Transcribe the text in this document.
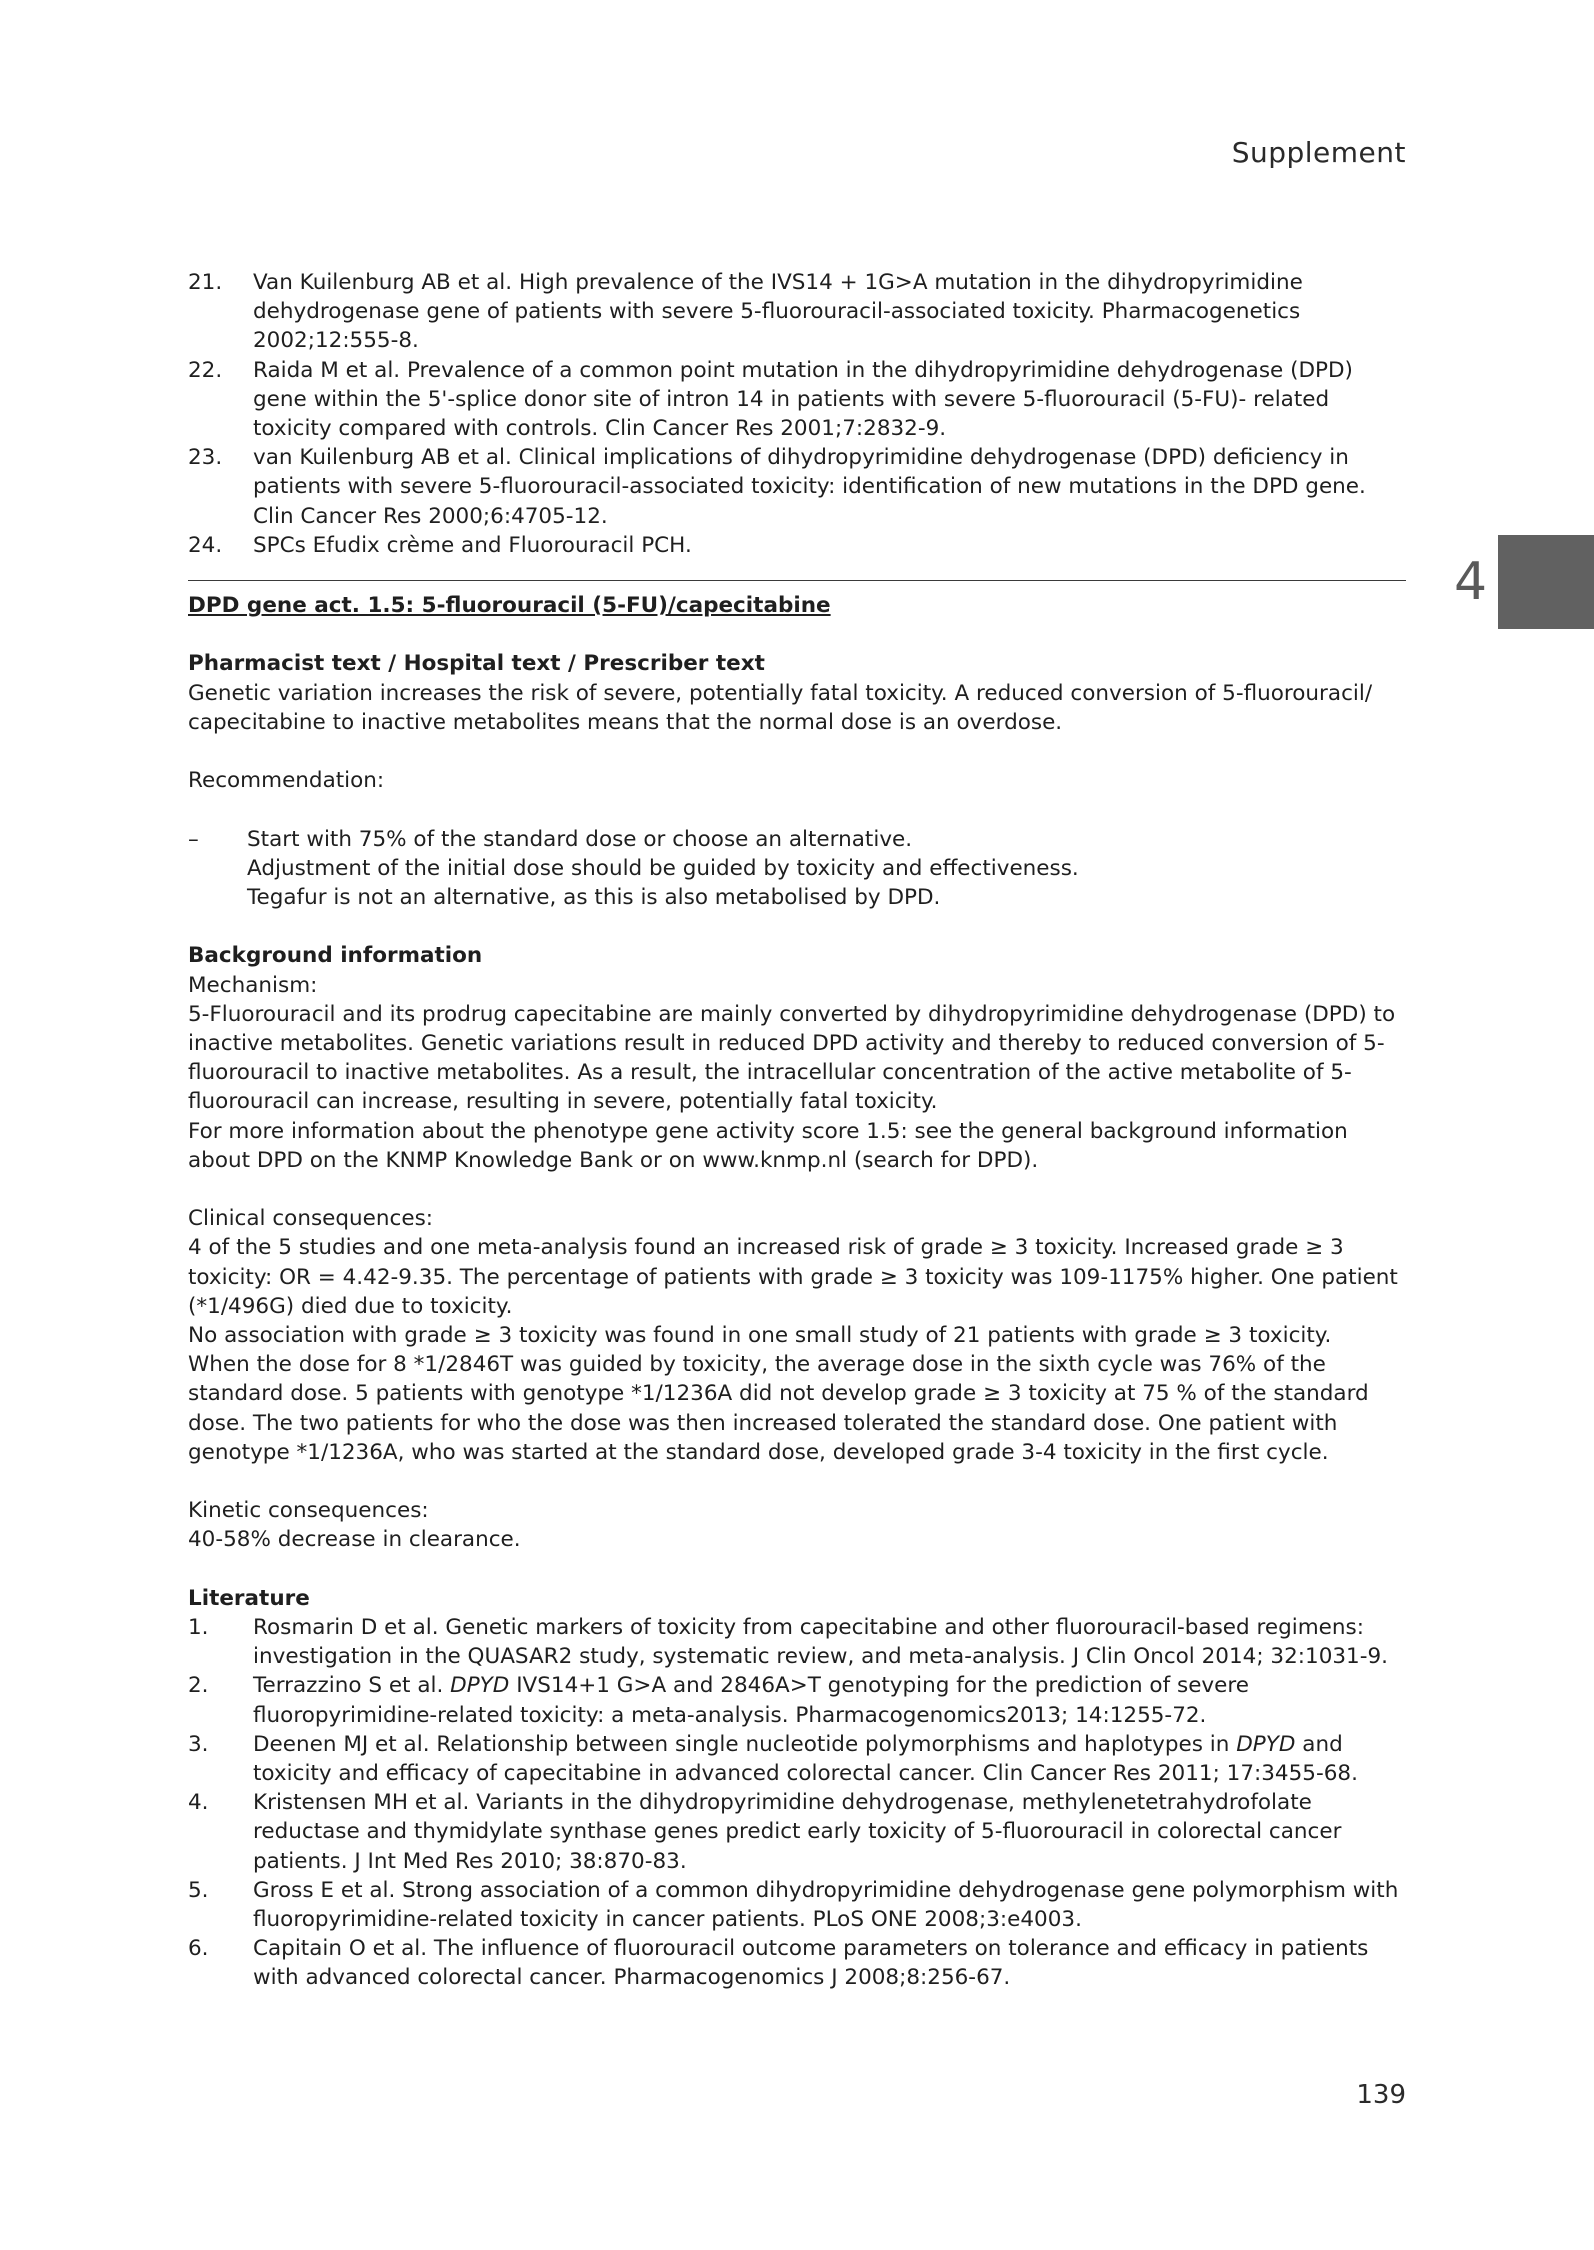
Supplement
4
21.	Van Kuilenburg AB et al. High prevalence of the IVS14 + 1G>A mutation in the dihydropyrimidine dehydrogenase gene of patients with severe 5-fluorouracil-associated toxicity. Pharmacogenetics 2002;12:555-8.
22.	Raida M et al. Prevalence of a common point mutation in the dihydropyrimidine dehydrogenase (DPD) gene within the 5'-splice donor site of intron 14 in patients with severe 5-fluorouracil (5-FU)- related toxicity compared with controls. Clin Cancer Res 2001;7:2832-9.
23.	van Kuilenburg AB et al. Clinical implications of dihydropyrimidine dehydrogenase (DPD) deficiency in patients with severe 5-fluorouracil-associated toxicity: identification of new mutations in the DPD gene. Clin Cancer Res 2000;6:4705-12.
24.	SPCs Efudix crème and Fluorouracil PCH.

DPD gene act. 1.5: 5-fluorouracil (5-FU)/capecitabine

Pharmacist text / Hospital text / Prescriber text

Genetic variation increases the risk of severe, potentially fatal toxicity. A reduced conversion of 5-fluorouracil/ capecitabine to inactive metabolites means that the normal dose is an overdose.

Recommendation:

–	Start with 75% of the standard dose or choose an alternative.

Adjustment of the initial dose should be guided by toxicity and effectiveness.

Tegafur is not an alternative, as this is also metabolised by DPD.

Background information

Mechanism:

5-Fluorouracil and its prodrug capecitabine are mainly converted by dihydropyrimidine dehydrogenase (DPD) to inactive metabolites. Genetic variations result in reduced DPD activity and thereby to reduced conversion of 5-fluorouracil to inactive metabolites. As a result, the intracellular concentration of the active metabolite of 5-fluorouracil can increase, resulting in severe, potentially fatal toxicity.

For more information about the phenotype gene activity score 1.5: see the general background information about DPD on the KNMP Knowledge Bank or on www.knmp.nl (search for DPD).

Clinical consequences:

4 of the 5 studies and one meta-analysis found an increased risk of grade ≥ 3 toxicity. Increased grade ≥ 3 toxicity: OR = 4.42-9.35. The percentage of patients with grade ≥ 3 toxicity was 109-1175% higher. One patient (*1/496G) died due to toxicity.

No association with grade ≥ 3 toxicity was found in one small study of 21 patients with grade ≥ 3 toxicity.

When the dose for 8 *1/2846T was guided by toxicity, the average dose in the sixth cycle was 76% of the standard dose. 5 patients with genotype *1/1236A did not develop grade ≥ 3 toxicity at 75 % of the standard dose. The two patients for who the dose was then increased tolerated the standard dose. One patient with genotype *1/1236A, who was started at the standard dose, developed grade 3-4 toxicity in the first cycle.

Kinetic consequences:

40-58% decrease in clearance.

Literature

1.	Rosmarin D et al. Genetic markers of toxicity from capecitabine and other fluorouracil-based regimens: investigation in the QUASAR2 study, systematic review, and meta-analysis. J Clin Oncol 2014; 32:1031-9.
2.	Terrazzino S et al. DPYD IVS14+1 G>A and 2846A>T genotyping for the prediction of severe fluoropyrimidine-related toxicity: a meta-analysis. Pharmacogenomics2013; 14:1255-72.
3.	Deenen MJ et al. Relationship between single nucleotide polymorphisms and haplotypes in DPYD and toxicity and efficacy of capecitabine in advanced colorectal cancer. Clin Cancer Res 2011; 17:3455-68.
4.	Kristensen MH et al. Variants in the dihydropyrimidine dehydrogenase, methylenetetrahydrofolate reductase and thymidylate synthase genes predict early toxicity of 5-fluorouracil in colorectal cancer patients. J Int Med Res 2010; 38:870-83.
5.	Gross E et al. Strong association of a common dihydropyrimidine dehydrogenase gene polymorphism with fluoropyrimidine-related toxicity in cancer patients. PLoS ONE 2008;3:e4003.
6.	Capitain O et al. The influence of fluorouracil outcome parameters on tolerance and efficacy in patients with advanced colorectal cancer. Pharmacogenomics J 2008;8:256-67.
139
